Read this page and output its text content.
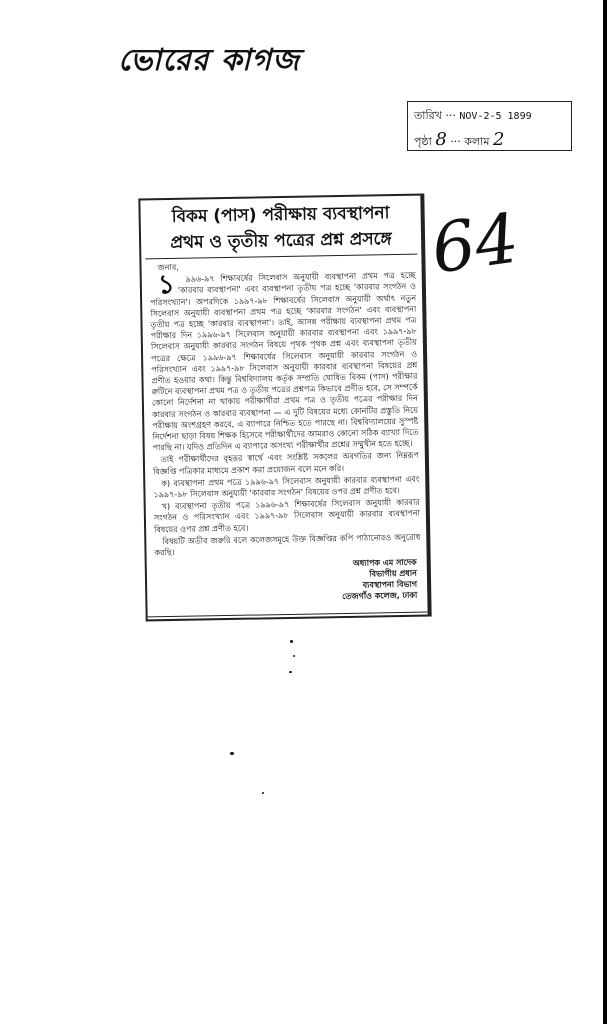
ভোরের কাগজ
তারিখ ··· NOV-2-5 1899
পৃষ্ঠা 8 ··· কলাম 2
64
বিকম (পাস) পরীক্ষায় ব্যবস্থাপনা
প্রথম ও তৃতীয় পত্রের প্রশ্ন প্রসঙ্গে

জনাব,

১ ৯৯৬-৯৭ শিক্ষাবর্ষের সিলেবাস অনুযায়ী ব্যবস্থাপনা প্রথম পত্র হচ্ছে 'কারবার ব্যবস্থাপনা' এবং ব্যবস্থাপনা তৃতীয় পত্র হচ্ছে 'কারবার সংগঠন ও পরিসংখ্যান'। অপরদিকে ১৯৯৭-৯৮ শিক্ষাবর্ষের সিলেবাস অনুযায়ী অর্থাৎ নতুন সিলেবাস অনুযায়ী ব্যবস্থাপনা প্রথম পত্র হচ্ছে 'কারবার সংগঠন' এবং ব্যবস্থাপনা তৃতীয় পত্র হচ্ছে 'কারবার ব্যবস্থাপনা'। তাই, আসন্ন পরীক্ষায় ব্যবস্থাপনা প্রথম পত্র পরীক্ষার দিন ১৯৯৬-৯৭ সিলেবাস অনুযায়ী কারবার ব্যবস্থাপনা এবং ১৯৯৭-৯৮ সিলেবাস অনুযায়ী কারবার সংগঠন বিষয়ে পৃথক পৃথক প্রশ্ন এবং ব্যবস্থাপনা তৃতীয় পত্রের ক্ষেত্রে ১৯৯৬-৯৭ শিক্ষাবর্ষের সিলেবাস অনুযায়ী কারবার সংগঠন ও পরিসংখ্যান এবং ১৯৯৭-৯৮ সিলেবাস অনুযায়ী কারবার ব্যবস্থাপনা বিষয়ের প্রশ্ন প্রণীত হওয়ার কথা। কিন্তু বিশ্ববিদ্যালয় কর্তৃক সম্প্রতি ঘোষিত বিকম (পাস) পরীক্ষার রুটিনে ব্যবস্থাপনা প্রথম পত্র ও তৃতীয় পত্রের প্রশ্নপত্র কিভাবে প্রণীত হবে, সে সম্পর্কে কোনো নির্দেশনা না থাকায় পরীক্ষার্থীরা প্রথম পত্র ও তৃতীয় পত্রের পরীক্ষার দিন কারবার সংগঠন ও কারবার ব্যবস্থাপনা — এ দুটি বিষয়ের মধ্যে কোনটির প্রস্তুতি নিয়ে পরীক্ষায় অংশগ্রহণ করবে, এ ব্যাপারে নিশ্চিত হতে পারছে না। বিশ্ববিদ্যালয়ের সুস্পষ্ট নির্দেশনা ছাড়া বিষয় শিক্ষক হিসেবে পরীক্ষার্থীদের আমরাও কোনো সঠিক ব্যাখ্যা দিতে পারছি না। যদিও প্রতিদিন এ ব্যাপারে অসংখ্য পরীক্ষার্থীর প্রশ্নের সম্মুখীন হতে হচ্ছে।

তাই পরীক্ষার্থীদের বৃহত্তর স্বার্থে এবং সংশ্লিষ্ট সকলের অবগতির জন্য নিম্নরূপ বিজ্ঞপ্তি পত্রিকার মাধ্যমে প্রকাশ করা প্রয়োজন বলে মনে করি।

ক) ব্যবস্থাপনা প্রথম পত্রে ১৯৯৬-৯৭ সিলেবাস অনুযায়ী কারবার ব্যবস্থাপনা এবং ১৯৯৭-৯৮ সিলেবাস অনুযায়ী 'কারবার সংগঠন' বিষয়ের ওপর প্রশ্ন প্রণীত হবে।

খ) ব্যবস্থাপনা তৃতীয় পত্রে ১৯৯৬-৯৭ শিক্ষাবর্ষের সিলেবাস অনুযায়ী কারবার সংগঠন ও পরিসংখ্যান এবং ১৯৯৭-৯৮ সিলেবাস অনুযায়ী কারবার ব্যবস্থাপনা বিষয়ের ওপর প্রশ্ন প্রণীত হবে।

বিষয়টি অতীব জরুরি বলে কলেজসমূহে উক্ত বিজ্ঞপ্তির কপি পাঠানোরও অনুরোধ করছি।

অধ্যাপক এম সাদেক
বিভাগীয় প্রধান
ব্যবস্থাপনা বিভাগ
তেজগাঁও কলেজ, ঢাকা
